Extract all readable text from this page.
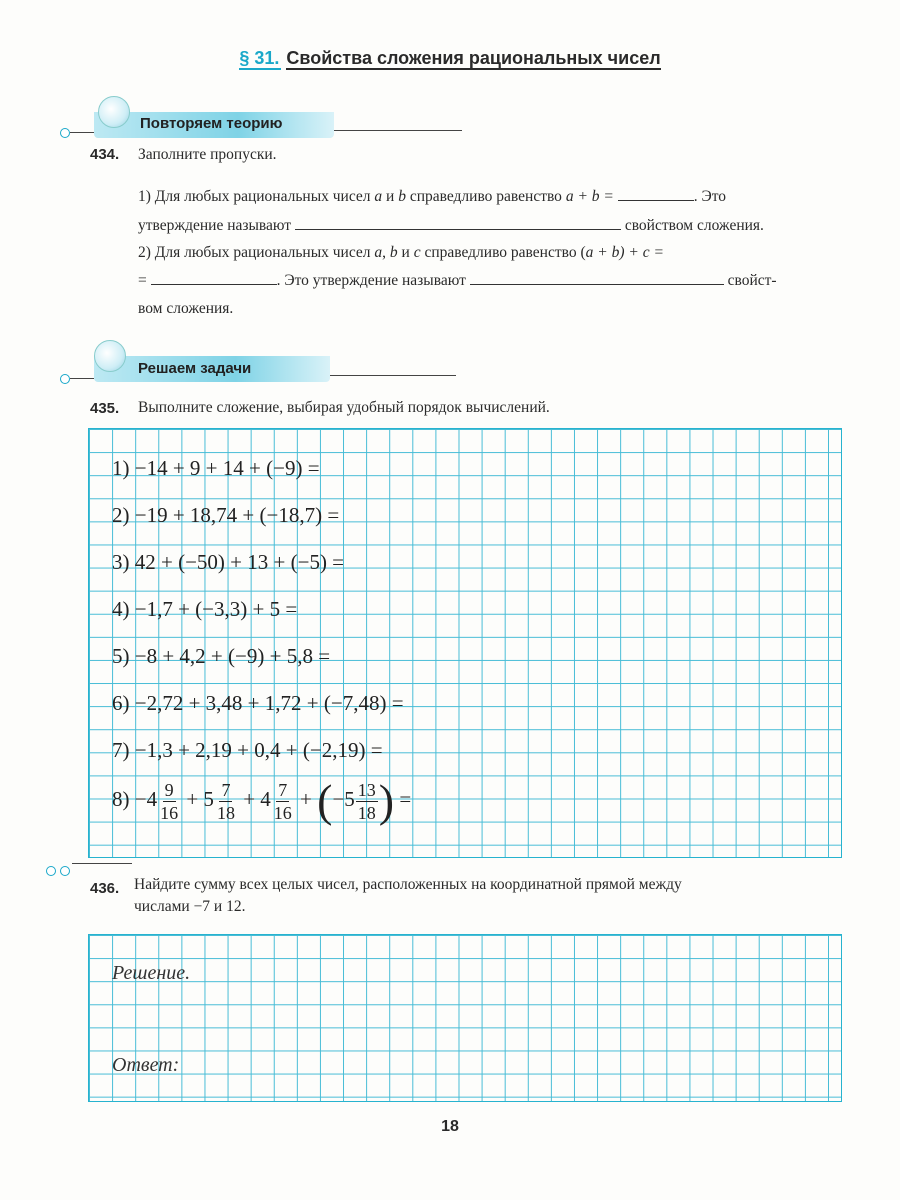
§ 31. Свойства сложения рациональных чисел
Повторяем теорию
434. Заполните пропуски.
1) Для любых рациональных чисел a и b справедливо равенство a + b =	. Это
утверждение называют	свойством сложения.
2) Для любых рациональных чисел a, b и c справедливо равенство (a + b) + c =
=	. Это утверждение называют	свойст-
вом сложения.
Решаем задачи
435. Выполните сложение, выбирая удобный порядок вычислений.
1) −14 + 9 + 14 + (−9) =
2) −19 + 18,74 + (−18,7) =
3) 42 + (−50) + 13 + (−5) =
4) −1,7 + (−3,3) + 5 =
5) −8 + 4,2 + (−9) + 5,8 =
6) −2,72 + 3,48 + 1,72 + (−7,48) =
7) −1,3 + 2,19 + 0,4 + (−2,19) =
$8) -4 \frac{9}{16} + 5 \frac{7}{18} + 4 \frac{7}{16} + (-5 \frac{13}{18}$ ) =
436. Найдите сумму всех целых чисел, расположенных на координатной прямой между
числами −7 и 12.
Решение.
Ответ:
18
